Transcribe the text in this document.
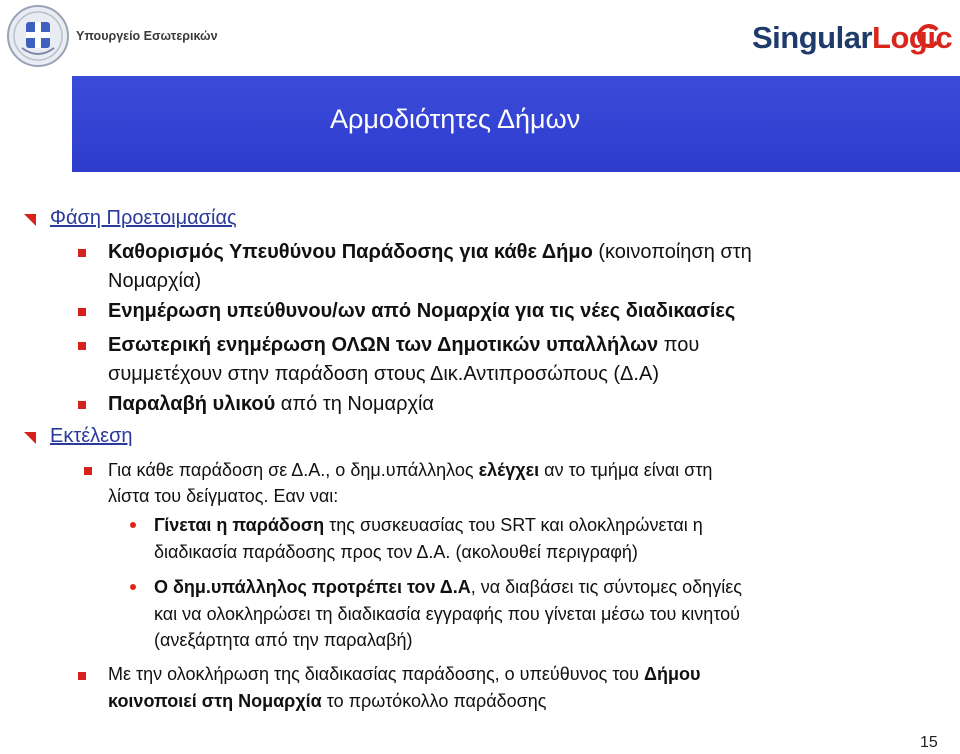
Υπουργείο Εσωτερικών	SingularLogic
Αρμοδιότητες Δήμων
Φάση Προετοιμασίας
Καθορισμός Υπευθύνου Παράδοσης για κάθε Δήμο (κοινοποίηση στη
Νομαρχία)
Ενημέρωση υπεύθυνου/ων από Νομαρχία για τις νέες διαδικασίες
Εσωτερική ενημέρωση ΟΛΩΝ των Δημοτικών υπαλλήλων που
συμμετέχουν στην παράδοση στους Δικ.Αντιπροσώπους (Δ.Α)
Παραλαβή υλικού από τη Νομαρχία
Εκτέλεση
Για κάθε παράδοση σε Δ.Α., ο δημ.υπάλληλος ελέγχει αν το τμήμα είναι στη
λίστα του δείγματος. Εαν ναι:
Γίνεται η παράδοση της συσκευασίας του SRT και ολοκληρώνεται η
διαδικασία παράδοσης προς τον Δ.Α. (ακολουθεί περιγραφή)
Ο δημ.υπάλληλος προτρέπει τον Δ.Α, να διαβάσει τις σύντομες οδηγίες
και να ολοκληρώσει τη διαδικασία εγγραφής που γίνεται μέσω του κινητού
(ανεξάρτητα από την παραλαβή)
Με την ολοκλήρωση της διαδικασίας παράδοσης, ο υπεύθυνος του Δήμου
κοινοποιεί στη Νομαρχία το πρωτόκολλο παράδοσης
15
